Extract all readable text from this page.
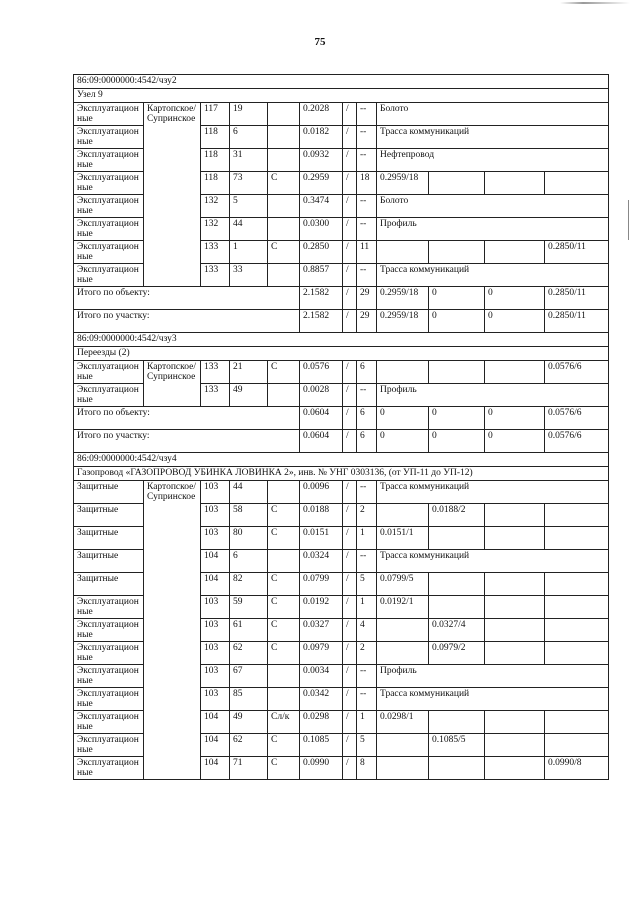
75
86:09:0000000:4542/чзу2											
Узел 9											
Эксплуатационные	Картопское/ Супринское	117	19		0.2028	/	--	Болото			
Эксплуатационные		118	6		0.0182	/	--	Трасса коммуникаций			
Эксплуатационные		118	31		0.0932	/	--	Нефтепровод			
Эксплуатационные		118	73	С	0.2959	/	18	0.2959/18			
Эксплуатационные		132	5		0.3474	/	--	Болото			
Эксплуатационные		132	44		0.0300	/	--	Профиль			
Эксплуатационные		133	1	С	0.2850	/	11				0.2850/11
Эксплуатационные		133	33		0.8857	/	--	Трасса коммуникаций			
Итого по объекту:					2.1582	/	29	0.2959/18	0	0	0.2850/11
Итого по участку:					2.1582	/	29	0.2959/18	0	0	0.2850/11
86:09:0000000:4542/чзу3											
Переезды (2)											
Эксплуатационные	Картопское/ Супринское	133	21	С	0.0576	/	6				0.0576/6
Эксплуатационные		133	49		0.0028	/	--	Профиль			
Итого по объекту:					0.0604	/	6	0	0	0	0.0576/6
Итого по участку:					0.0604	/	6	0	0	0	0.0576/6
86:09:0000000:4542/чзу4											
Газопровод «ГАЗОПРОВОД УБИНКА ЛОВИНКА 2», инв. № УНГ 0303136, (от УП-11 до УП-12)											
Защитные	Картопское/ Супринское	103	44		0.0096	/	--	Трасса коммуникаций			
Защитные		103	58	С	0.0188	/	2		0.0188/2		
Защитные		103	80	С	0.0151	/	1	0.0151/1			
Защитные		104	6		0.0324	/	--	Трасса коммуникаций			
Защитные		104	82	С	0.0799	/	5	0.0799/5			
Эксплуатационные		103	59	С	0.0192	/	1	0.0192/1			
Эксплуатационные		103	61	С	0.0327	/	4		0.0327/4		
Эксплуатационные		103	62	С	0.0979	/	2		0.0979/2		
Эксплуатационные		103	67		0.0034	/	--	Профиль			
Эксплуатационные		103	85		0.0342	/	--	Трасса коммуникаций			
Эксплуатационные		104	49	Сл/к	0.0298	/	1	0.0298/1			
Эксплуатационные		104	62	С	0.1085	/	5		0.1085/5		
Эксплуатационные		104	71	С	0.0990	/	8				0.0990/8
